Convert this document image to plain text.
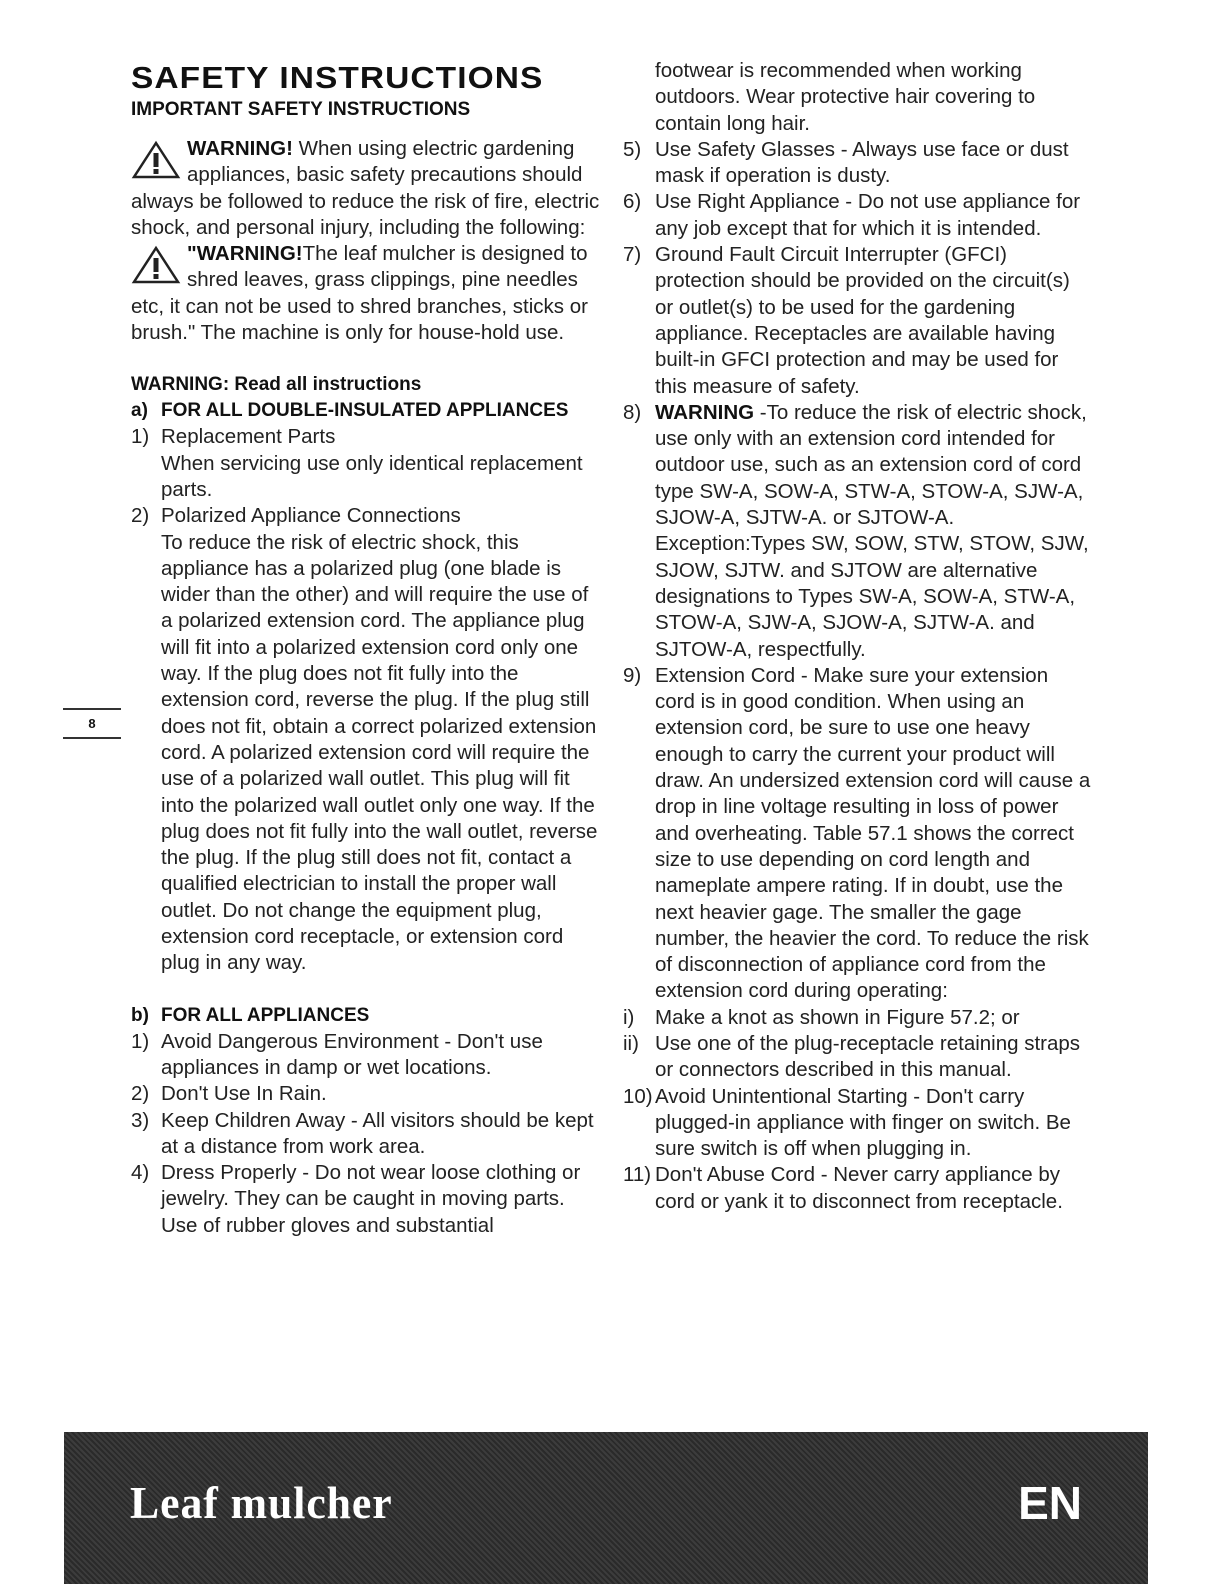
SAFETY INSTRUCTIONS
IMPORTANT SAFETY INSTRUCTIONS
WARNING! When using electric gardening appliances, basic safety precautions should always be followed to reduce the risk of fire, electric shock, and personal injury, including the following:
"WARNING!The leaf mulcher is designed to shred leaves, grass clippings, pine needles etc, it can not be used to shred branches, sticks or brush." The machine is only for house-hold use.
WARNING: Read all instructions
a) FOR ALL DOUBLE-INSULATED APPLIANCES
1) Replacement Parts
When servicing use only identical replacement parts.
2) Polarized Appliance Connections
To reduce the risk of electric shock, this appliance has a polarized plug (one blade is wider than the other) and will require the use of a polarized extension cord. The appliance plug will fit into a polarized extension cord only one way. If the plug does not fit fully into the extension cord, reverse the plug. If the plug still does not fit, obtain a correct polarized extension cord. A polarized extension cord will require the use of a polarized wall outlet. This plug will fit into the polarized wall outlet only one way. If the plug does not fit fully into the wall outlet, reverse the plug. If the plug still does not fit, contact a qualified electrician to install the proper wall outlet. Do not change the equipment plug, extension cord receptacle, or extension cord plug in any way.
b) FOR ALL APPLIANCES
1) Avoid Dangerous Environment - Don't use appliances in damp or wet locations.
2) Don't Use In Rain.
3) Keep Children Away - All visitors should be kept at a distance from work area.
4) Dress Properly - Do not wear loose clothing or jewelry. They can be caught in moving parts. Use of rubber gloves and substantial
8
footwear is recommended when working outdoors. Wear protective hair covering to contain long hair.
5) Use Safety Glasses - Always use face or dust mask if operation is dusty.
6) Use Right Appliance - Do not use appliance for any job except that for which it is intended.
7) Ground Fault Circuit Interrupter (GFCI) protection should be provided on the circuit(s) or outlet(s) to be used for the gardening appliance. Receptacles are available having built-in GFCI protection and may be used for this measure of safety.
8) WARNING -To reduce the risk of electric shock, use only with an extension cord intended for outdoor use, such as an extension cord of cord type SW-A, SOW-A, STW-A, STOW-A, SJW-A, SJOW-A, SJTW-A. or SJTOW-A.
Exception:Types SW, SOW, STW, STOW, SJW, SJOW, SJTW. and SJTOW are alternative designations to Types SW-A, SOW-A, STW-A, STOW-A, SJW-A, SJOW-A, SJTW-A. and SJTOW-A, respectfully.
9) Extension Cord - Make sure your extension cord is in good condition. When using an extension cord, be sure to use one heavy enough to carry the current your product will draw. An undersized extension cord will cause a drop in line voltage resulting in loss of power and overheating. Table 57.1 shows the correct size to use depending on cord length and nameplate ampere rating. If in doubt, use the next heavier gage. The smaller the gage number, the heavier the cord. To reduce the risk of disconnection of appliance cord from the extension cord during operating:
i)	Make a knot as shown in Figure 57.2; or
ii) Use one of the plug-receptacle retaining straps or connectors described in this manual.
10) Avoid Unintentional Starting - Don't carry plugged-in appliance with finger on switch. Be sure switch is off when plugging in.
11) Don't Abuse Cord - Never carry appliance by cord or yank it to disconnect from receptacle.
Leaf mulcher	EN
